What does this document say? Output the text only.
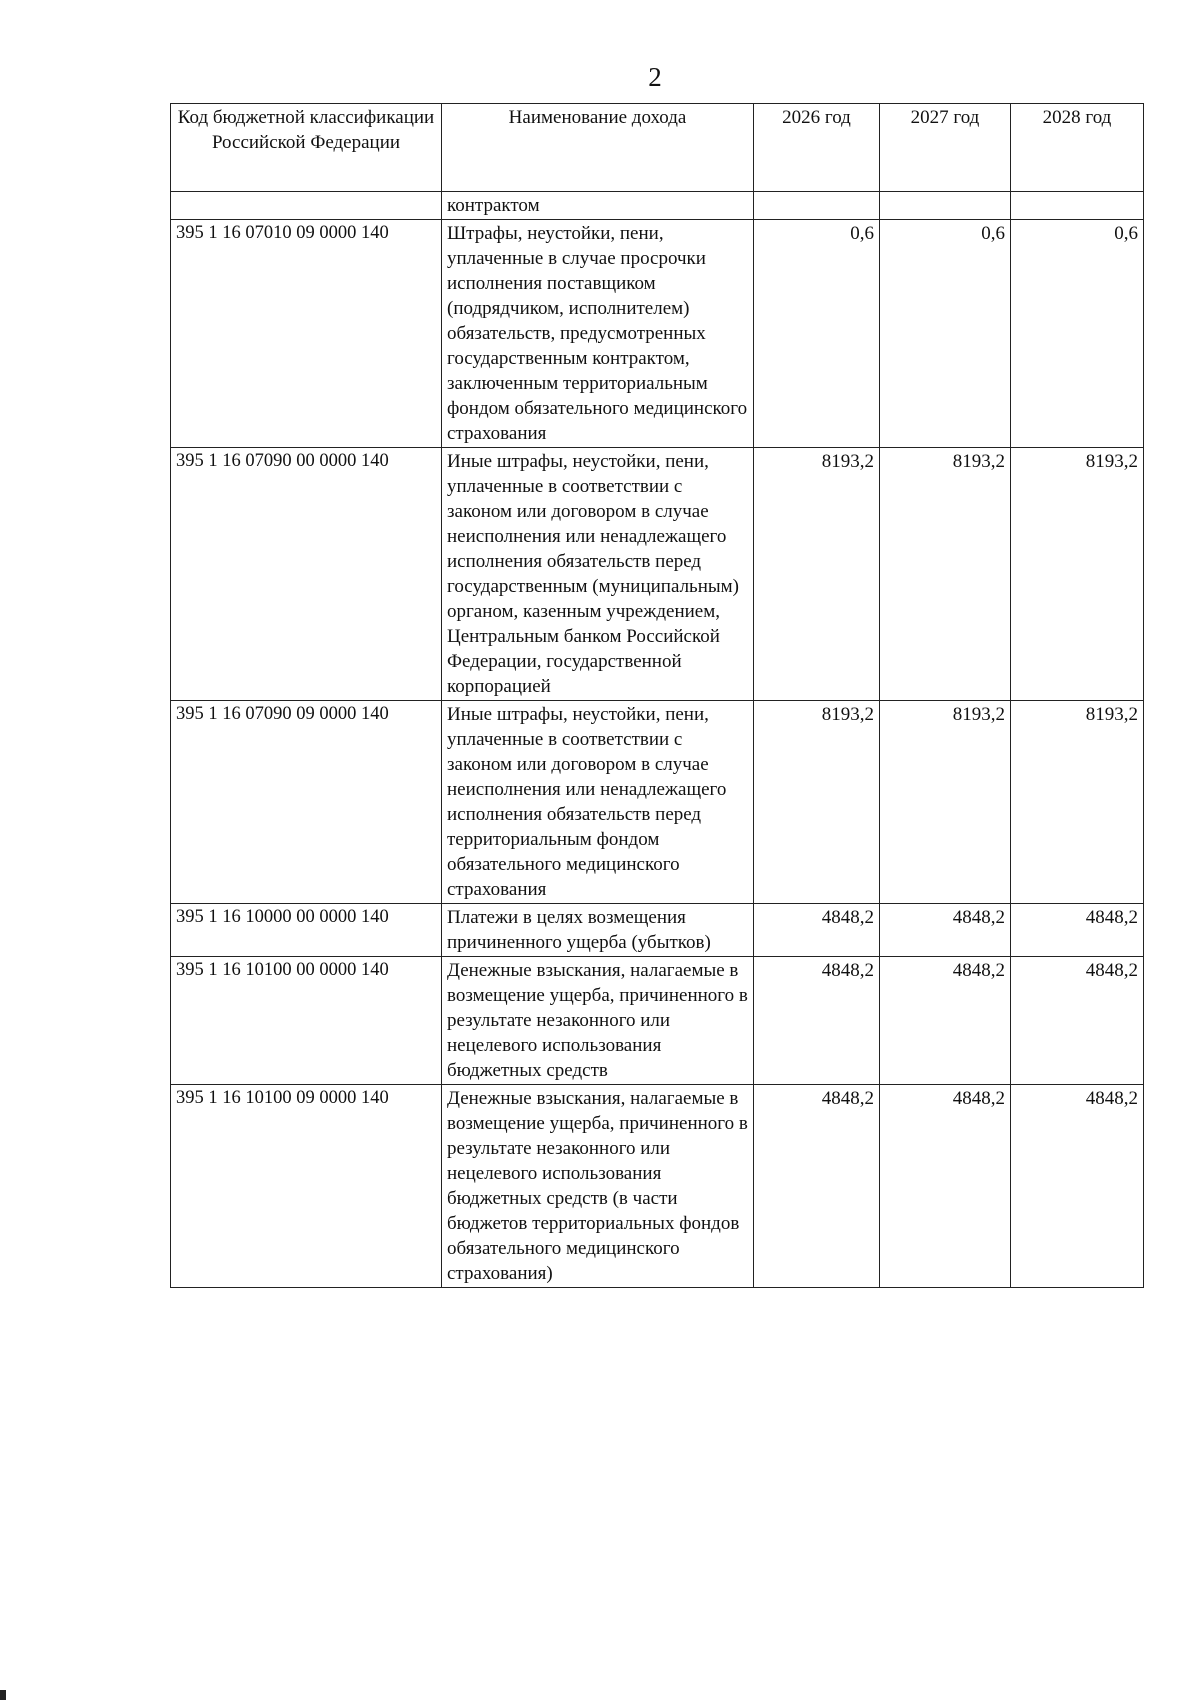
2
Код бюджетной классификации Российской Федерации	Наименование дохода	2026 год	2027 год	2028 год
	контрактом			
395 1 16 07010 09 0000 140	Штрафы, неустойки, пени, уплаченные в случае просрочки исполнения поставщиком (подрядчиком, исполнителем) обязательств, предусмотренных государственным контрактом, заключенным территориальным фондом обязательного медицинского страхования	0,6	0,6	0,6
395 1 16 07090 00 0000 140	Иные штрафы, неустойки, пени, уплаченные в соответствии с законом или договором в случае неисполнения или ненадлежащего исполнения обязательств перед государственным (муниципальным) органом, казенным учреждением, Центральным банком Российской Федерации, государственной корпорацией	8193,2	8193,2	8193,2
395 1 16 07090 09 0000 140	Иные штрафы, неустойки, пени, уплаченные в соответствии с законом или договором в случае неисполнения или ненадлежащего исполнения обязательств перед территориальным фондом обязательного медицинского страхования	8193,2	8193,2	8193,2
395 1 16 10000 00 0000 140	Платежи в целях возмещения причиненного ущерба (убытков)	4848,2	4848,2	4848,2
395 1 16 10100 00 0000 140	Денежные взыскания, налагаемые в возмещение ущерба, причиненного в результате незаконного или нецелевого использования бюджетных средств	4848,2	4848,2	4848,2
395 1 16 10100 09 0000 140	Денежные взыскания, налагаемые в возмещение ущерба, причиненного в результате незаконного или нецелевого использования бюджетных средств (в части бюджетов территориальных фондов обязательного медицинского страхования)	4848,2	4848,2	4848,2
